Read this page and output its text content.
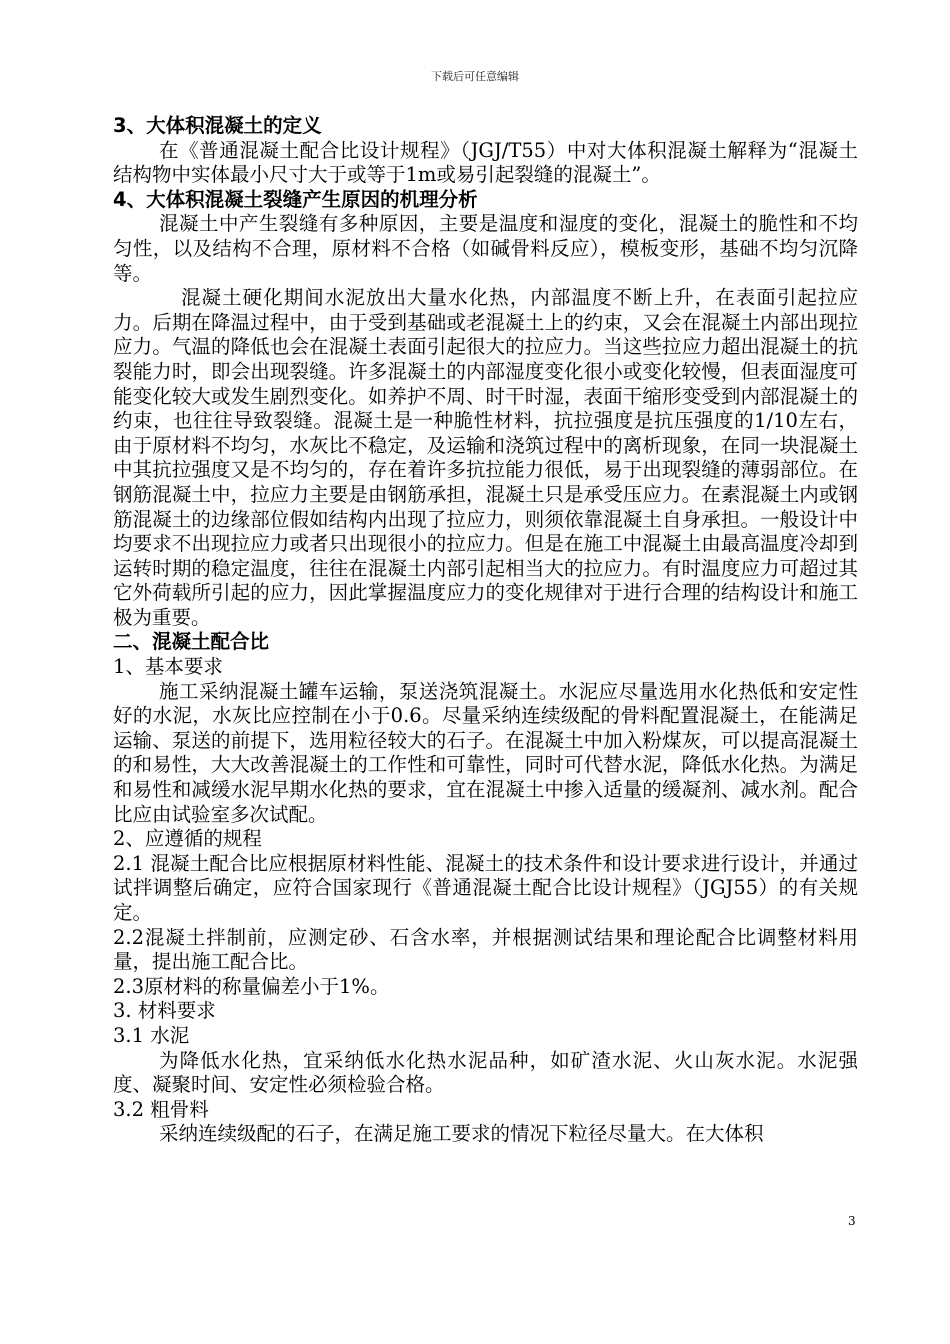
下载后可任意编辑

3、大体积混凝土的定义

在《普通混凝土配合比设计规程》（JGJ/T55）中对大体积混凝土解释为“混凝土结构物中实体最小尺寸大于或等于1m或易引起裂缝的混凝土”。

4、大体积混凝土裂缝产生原因的机理分析

混凝土中产生裂缝有多种原因，主要是温度和湿度的变化，混凝土的脆性和不均匀性，以及结构不合理，原材料不合格（如碱骨料反应），模板变形，基础不均匀沉降等。

混凝土硬化期间水泥放出大量水化热，内部温度不断上升，在表面引起拉应力。后期在降温过程中，由于受到基础或老混凝土上的约束，又会在混凝土内部出现拉应力。气温的降低也会在混凝土表面引起很大的拉应力。当这些拉应力超出混凝土的抗裂能力时，即会出现裂缝。许多混凝土的内部湿度变化很小或变化较慢，但表面湿度可能变化较大或发生剧烈变化。如养护不周、时干时湿，表面干缩形变受到内部混凝土的约束，也往往导致裂缝。混凝土是一种脆性材料，抗拉强度是抗压强度的1/10左右，由于原材料不均匀，水灰比不稳定，及运输和浇筑过程中的离析现象，在同一块混凝土中其抗拉强度又是不均匀的，存在着许多抗拉能力很低，易于出现裂缝的薄弱部位。在钢筋混凝土中，拉应力主要是由钢筋承担，混凝土只是承受压应力。在素混凝土内或钢筋混凝土的边缘部位假如结构内出现了拉应力，则须依靠混凝土自身承担。一般设计中均要求不出现拉应力或者只出现很小的拉应力。但是在施工中混凝土由最高温度冷却到运转时期的稳定温度，往往在混凝土内部引起相当大的拉应力。有时温度应力可超过其它外荷载所引起的应力，因此掌握温度应力的变化规律对于进行合理的结构设计和施工极为重要。

二、混凝土配合比

1、基本要求

施工采纳混凝土罐车运输，泵送浇筑混凝土。水泥应尽量选用水化热低和安定性好的水泥，水灰比应控制在小于0.6。尽量采纳连续级配的骨料配置混凝土，在能满足运输、泵送的前提下，选用粒径较大的石子。在混凝土中加入粉煤灰，可以提高混凝土的和易性，大大改善混凝土的工作性和可靠性，同时可代替水泥，降低水化热。为满足和易性和减缓水泥早期水化热的要求，宜在混凝土中掺入适量的缓凝剂、减水剂。配合比应由试验室多次试配。

2、应遵循的规程

2.1 混凝土配合比应根据原材料性能、混凝土的技术条件和设计要求进行设计，并通过试拌调整后确定，应符合国家现行《普通混凝土配合比设计规程》（JGJ55）的有关规定。

2.2混凝土拌制前，应测定砂、石含水率，并根据测试结果和理论配合比调整材料用量，提出施工配合比。

2.3原材料的称量偏差小于1%。

3. 材料要求

3.1 水泥

为降低水化热，宜采纳低水化热水泥品种，如矿渣水泥、火山灰水泥。水泥强度、凝聚时间、安定性必须检验合格。

3.2 粗骨料

采纳连续级配的石子，在满足施工要求的情况下粒径尽量大。在大体积

3
